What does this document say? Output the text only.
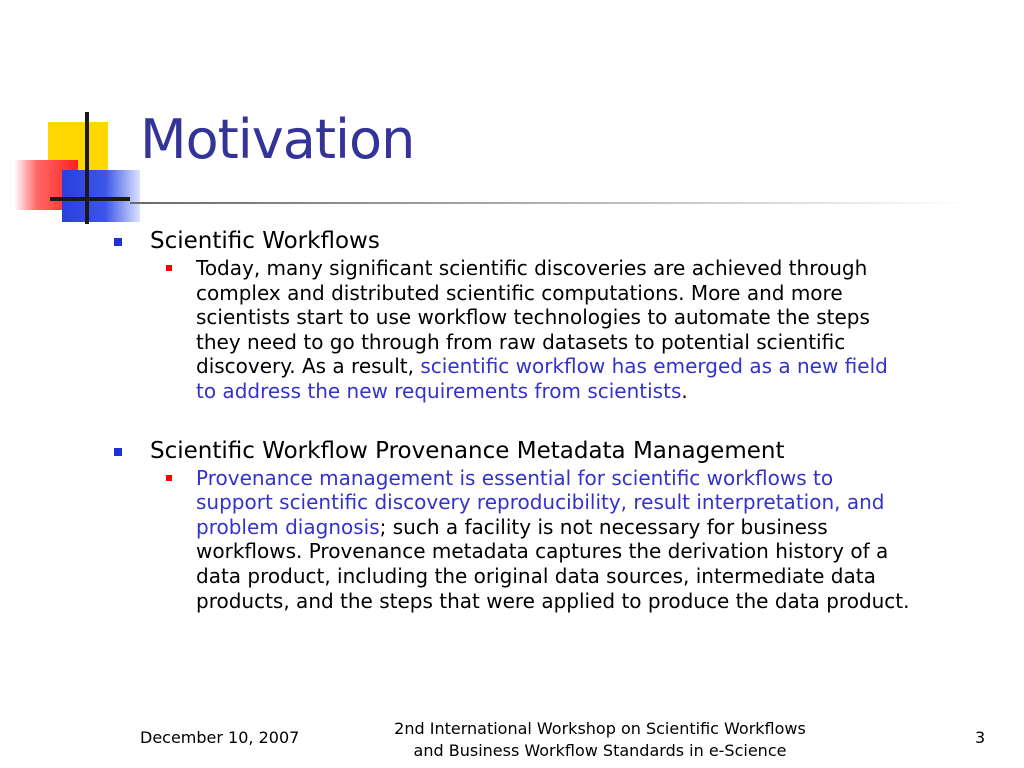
Motivation
Scientific Workflows
Today, many significant scientific discoveries are achieved through complex and distributed scientific computations. More and more scientists start to use workflow technologies to automate the steps they need to go through from raw datasets to potential scientific discovery. As a result, scientific workflow has emerged as a new field to address the new requirements from scientists.
Scientific Workflow Provenance Metadata Management
Provenance management is essential for scientific workflows to support scientific discovery reproducibility, result interpretation, and problem diagnosis; such a facility is not necessary for business workflows. Provenance metadata captures the derivation history of a data product, including the original data sources, intermediate data products, and the steps that were applied to produce the data product.
December 10, 2007	2nd International Workshop on Scientific Workflows
and Business Workflow Standards in e-Science
3
